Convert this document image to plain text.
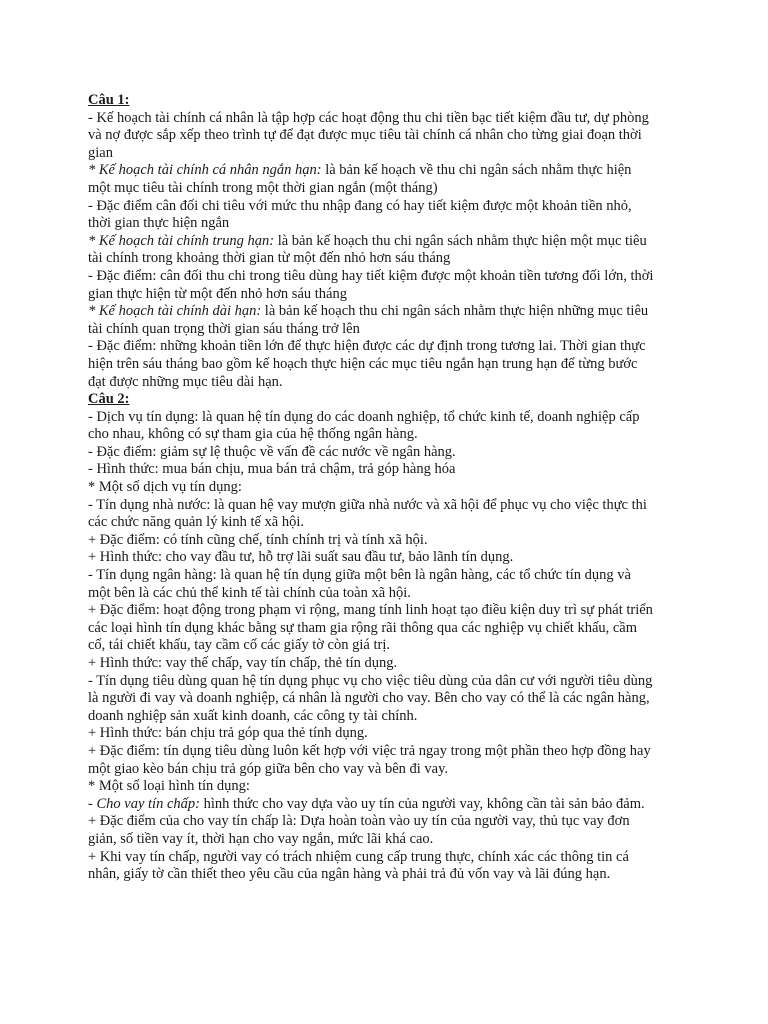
Câu 1:
- Kế hoạch tài chính cá nhân là tập hợp các hoạt động thu chi tiền bạc tiết kiệm đầu tư, dự phòng
và nợ được sắp xếp theo trình tự để đạt được mục tiêu tài chính cá nhân cho từng giai đoạn thời
gian
* Kế hoạch tài chính cá nhân ngắn hạn: là bản kế hoạch về thu chi ngân sách nhằm thực hiện
một mục tiêu tài chính trong một thời gian ngắn (một tháng)
- Đặc điểm cân đối chi tiêu với mức thu nhập đang có hay tiết kiệm được một khoản tiền nhỏ,
thời gian thực hiện ngắn
* Kế hoạch tài chính trung hạn: là bản kế hoạch thu chi ngân sách nhằm thực hiện một mục tiêu
tài chính trong khoảng thời gian từ một đến nhỏ hơn sáu tháng
- Đặc điểm: cân đối thu chi trong tiêu dùng hay tiết kiệm được một khoản tiền tương đối lớn, thời
gian thực hiện từ một đến nhỏ hơn sáu tháng
* Kế hoạch tài chính dài hạn: là bản kế hoạch thu chi ngân sách nhằm thực hiện những mục tiêu
tài chính quan trọng thời gian sáu tháng trở lên
- Đặc điểm: những khoản tiền lớn để thực hiện được các dự định trong tương lai. Thời gian thực
hiện trên sáu tháng bao gồm kế hoạch thực hiện các mục tiêu ngắn hạn trung hạn để từng bước
đạt được những mục tiêu dài hạn.
Câu 2:
- Dịch vụ tín dụng: là quan hệ tín dụng do các doanh nghiệp, tổ chức kinh tế, doanh nghiệp cấp
cho nhau, không có sự tham gia của hệ thống ngân hàng.
- Đặc điểm: giảm sự lệ thuộc về vấn đề các nước về ngân hàng.
- Hình thức: mua bán chịu, mua bán trả chậm, trả góp hàng hóa
* Một số dịch vụ tín dụng:
- Tín dụng nhà nước: là quan hệ vay mượn giữa nhà nước và xã hội để phục vụ cho việc thực thi
các chức năng quản lý kinh tế xã hội.
+ Đặc điểm: có tính cũng chế, tính chính trị và tính xã hội.
+ Hình thức: cho vay đầu tư, hỗ trợ lãi suất sau đầu tư, bảo lãnh tín dụng.
- Tín dụng ngân hàng: là quan hệ tín dụng giữa một bên là ngân hàng, các tổ chức tín dụng và
một bên là các chủ thể kinh tế tài chính của toàn xã hội.
+ Đặc điểm: hoạt động trong phạm vi rộng, mang tính linh hoạt tạo điều kiện duy trì sự phát triển
các loại hình tín dụng khác bằng sự tham gia rộng rãi thông qua các nghiệp vụ chiết khấu, cầm
cố, tái chiết khấu, tay cầm cố các giấy tờ còn giá trị.
+ Hình thức: vay thế chấp, vay tín chấp, thẻ tín dụng.
- Tín dụng tiêu dùng quan hệ tín dụng phục vụ cho việc tiêu dùng của dân cư với người tiêu dùng
là người đi vay và doanh nghiệp, cá nhân là người cho vay. Bên cho vay có thể là các ngân hàng,
doanh nghiệp sản xuất kinh doanh, các công ty tài chính.
+ Hình thức: bán chịu trả góp qua thẻ tính dụng.
+ Đặc điểm: tín dụng tiêu dùng luôn kết hợp với việc trả ngay trong một phần theo hợp đồng hay
một giao kèo bán chịu trả góp giữa bên cho vay và bên đi vay.
* Một số loại hình tín dụng:
- Cho vay tín chấp: hình thức cho vay dựa vào uy tín của người vay, không cần tài sản bảo đảm.
+ Đặc điểm của cho vay tín chấp là: Dựa hoàn toàn vào uy tín của người vay, thủ tục vay đơn
giản, số tiền vay ít, thời hạn cho vay ngắn, mức lãi khá cao.
+ Khi vay tín chấp, người vay có trách nhiệm cung cấp trung thực, chính xác các thông tin cá
nhân, giấy tờ cần thiết theo yêu cầu của ngân hàng và phải trả đủ vốn vay và lãi đúng hạn.
